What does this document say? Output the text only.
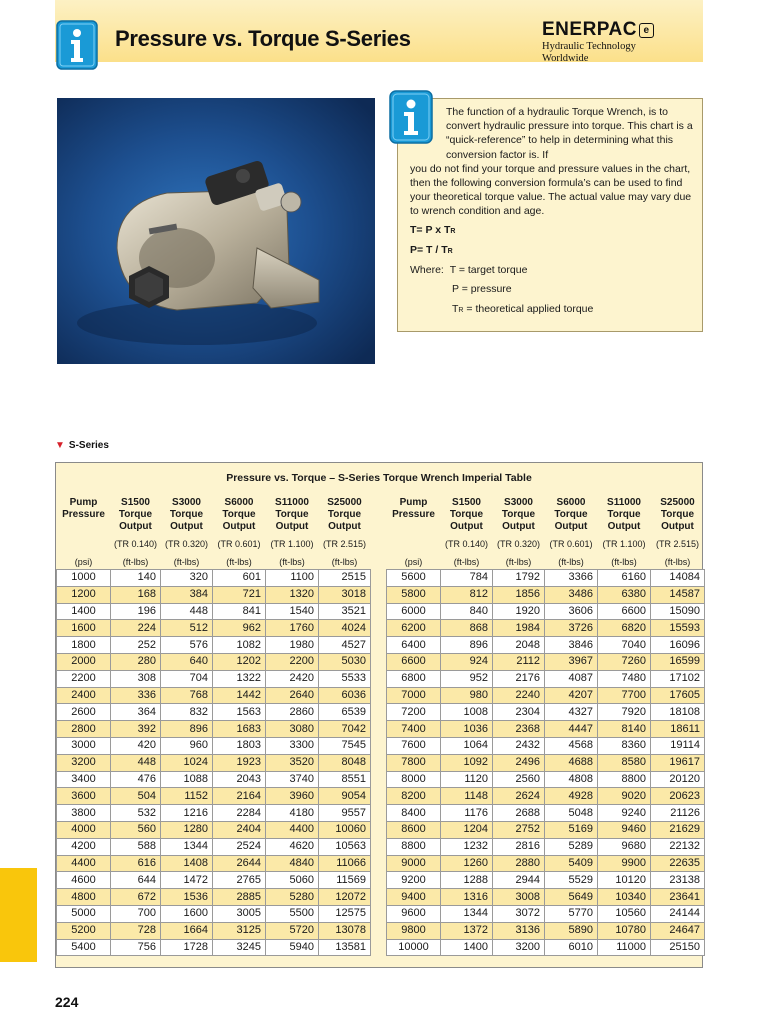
Pressure vs. Torque S-Series	ENERPAC e
Hydraulic Technology Worldwide
The function of a hydraulic Torque Wrench, is to convert hydraulic pressure into torque. This chart is a “quick-reference” to help in determining what this conversion factor is. If
you do not find your torque and pressure values in the chart, then the following conversion formula’s can be used to find your theoretical torque value. The actual value may vary due to wrench condition and age.
T= P x TR
P= T / TR
Where: T = target torque
P = pressure
TR = theoretical applied torque
▼ S-Series
Pressure vs. Torque – S-Series Torque Wrench Imperial Table
Pump Pressure	S1500 Torque Output	S3000 Torque Output	S6000 Torque Output	S11000 Torque Output	S25000 Torque Output
	(TR 0.140)	(TR 0.320)	(TR 0.601)	(TR 1.100)	(TR 2.515)
(psi)	(ft-lbs)	(ft-lbs)	(ft-lbs)	(ft-lbs)	(ft-lbs)
1000	140	320	601	1100	2515
1200	168	384	721	1320	3018
1400	196	448	841	1540	3521
1600	224	512	962	1760	4024
1800	252	576	1082	1980	4527
2000	280	640	1202	2200	5030
2200	308	704	1322	2420	5533
2400	336	768	1442	2640	6036
2600	364	832	1563	2860	6539
2800	392	896	1683	3080	7042
3000	420	960	1803	3300	7545
3200	448	1024	1923	3520	8048
3400	476	1088	2043	3740	8551
3600	504	1152	2164	3960	9054
3800	532	1216	2284	4180	9557
4000	560	1280	2404	4400	10060
4200	588	1344	2524	4620	10563
4400	616	1408	2644	4840	11066
4600	644	1472	2765	5060	11569
4800	672	1536	2885	5280	12072
5000	700	1600	3005	5500	12575
5200	728	1664	3125	5720	13078
5400	756	1728	3245	5940	13581
Pump Pressure	S1500 Torque Output	S3000 Torque Output	S6000 Torque Output	S11000 Torque Output	S25000 Torque Output
	(TR 0.140)	(TR 0.320)	(TR 0.601)	(TR 1.100)	(TR 2.515)
(psi)	(ft-lbs)	(ft-lbs)	(ft-lbs)	(ft-lbs)	(ft-lbs)
5600	784	1792	3366	6160	14084
5800	812	1856	3486	6380	14587
6000	840	1920	3606	6600	15090
6200	868	1984	3726	6820	15593
6400	896	2048	3846	7040	16096
6600	924	2112	3967	7260	16599
6800	952	2176	4087	7480	17102
7000	980	2240	4207	7700	17605
7200	1008	2304	4327	7920	18108
7400	1036	2368	4447	8140	18611
7600	1064	2432	4568	8360	19114
7800	1092	2496	4688	8580	19617
8000	1120	2560	4808	8800	20120
8200	1148	2624	4928	9020	20623
8400	1176	2688	5048	9240	21126
8600	1204	2752	5169	9460	21629
8800	1232	2816	5289	9680	22132
9000	1260	2880	5409	9900	22635
9200	1288	2944	5529	10120	23138
9400	1316	3008	5649	10340	23641
9600	1344	3072	5770	10560	24144
9800	1372	3136	5890	10780	24647
10000	1400	3200	6010	11000	25150
224
